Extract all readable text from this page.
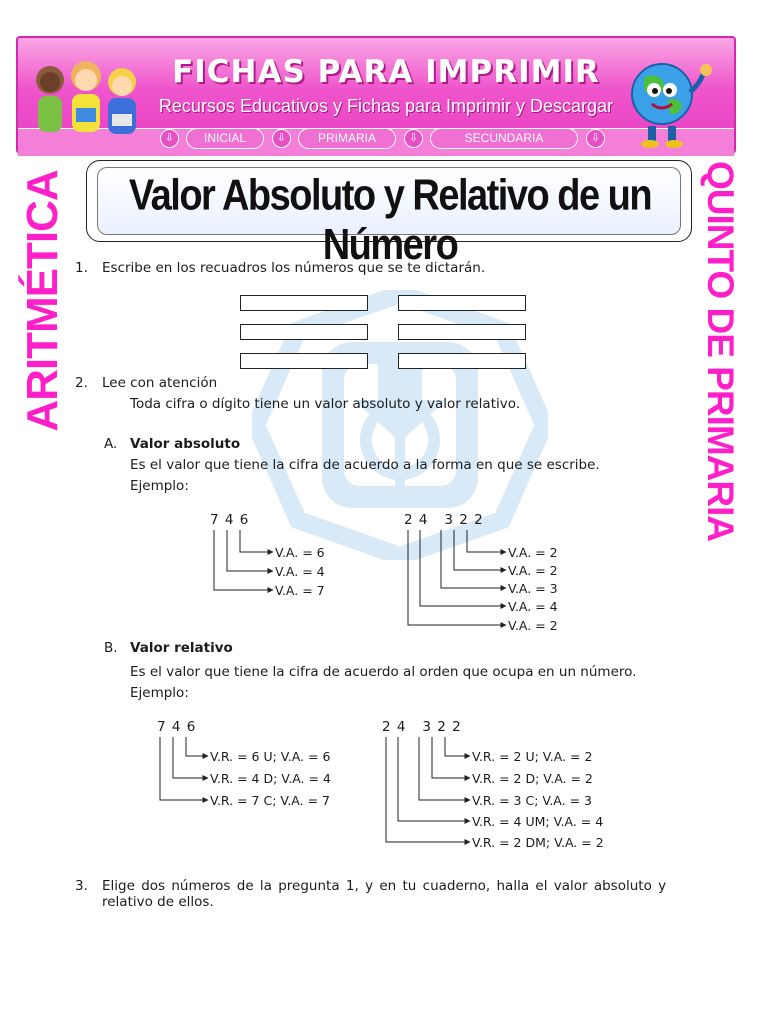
FICHAS PARA IMPRIMIR
Recursos Educativos y Fichas para Imprimir y Descargar
⇩	INICIAL	⇩	PRIMARIA	⇩	SECUNDARIA	⇩
ARITMÉTICA	QUINTO DE PRIMARIA
Valor Absoluto y Relativo de un Número
1. Escribe en los recuadros los números que se te dictarán.
2. Lee con atención
Toda cifra o dígito tiene un valor absoluto y valor relativo.
A. Valor absoluto
Es el valor que tiene la cifra de acuerdo a la forma en que se escribe.
Ejemplo:
7 4 6
V.A. = 6
V.A. = 4
V.A. = 7
2 4   3 2 2
V.A. = 2
V.A. = 2
V.A. = 3
V.A. = 4
V.A. = 2
B. Valor relativo
Es el valor que tiene la cifra de acuerdo al orden que ocupa en un número.
Ejemplo:
7 4 6
V.R. = 6 U; V.A. = 6
V.R. = 4 D; V.A. = 4
V.R. = 7 C; V.A. = 7
2 4   3 2 2
V.R. = 2 U; V.A. = 2
V.R. = 2 D; V.A. = 2
V.R. = 3 C; V.A. = 3
V.R. = 4 UM; V.A. = 4
V.R. = 2 DM; V.A. = 2
3. Elige dos números de la pregunta 1, y en tu cuaderno, halla el valor absoluto y
relativo de ellos.
